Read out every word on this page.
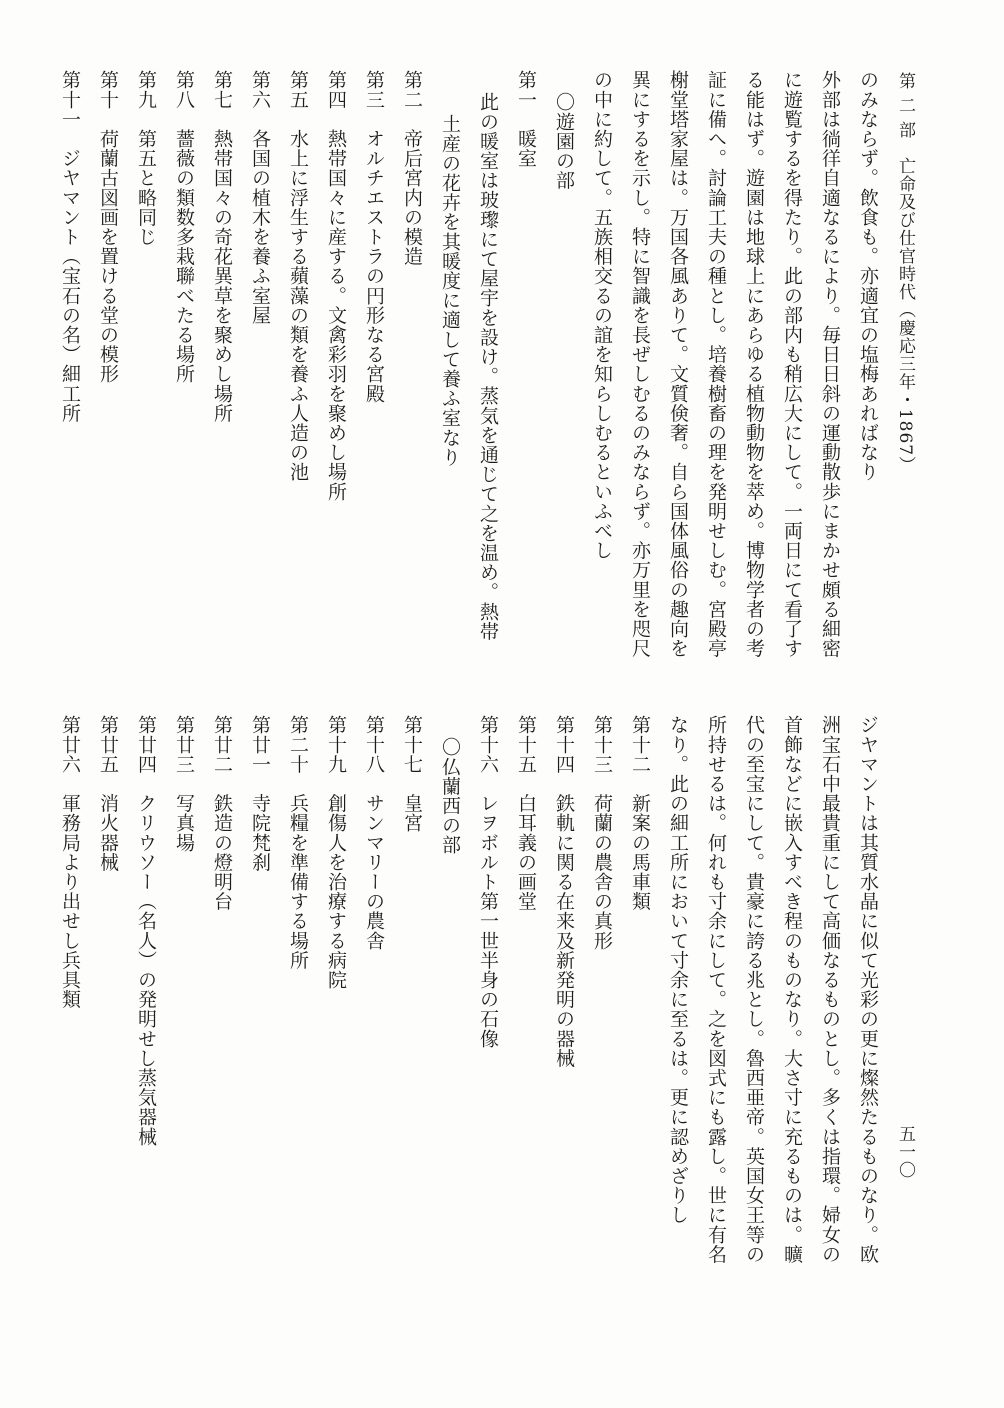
第 二 部　亡命及び仕官時代（慶応三年・1867）
五一〇
のみならず。飲食も。亦適宜の塩梅あればなり
外部は徜徉自適なるにより。毎日日斜の運動散歩にまかせ頗る細密
に遊覧するを得たり。此の部内も稍広大にして。一両日にて看了す
る能はず。遊園は地球上にあらゆる植物動物を萃め。博物学者の考
証に備へ。討論工夫の種とし。培養樹畜の理を発明せしむ。宮殿亭
榭堂塔家屋は。万国各風ありて。文質倹奢。自ら国体風俗の趣向を
異にするを示し。特に智識を長ぜしむるのみならず。亦万里を咫尺
の中に約して。五族相交るの誼を知らしむるといふべし
〇遊園の部
第一　暖室
此の暖室は玻瓈にて屋宇を設け。蒸気を通じて之を温め。熱帯
土産の花卉を其暖度に適して養ふ室なり
第二　帝后宮内の模造
第三　オルチエストラの円形なる宮殿
第四　熱帯国々に産する。文禽彩羽を聚めし場所
第五　水上に浮生する蘋藻の類を養ふ人造の池
第六　各国の植木を養ふ室屋
第七　熱帯国々の奇花異草を聚めし場所
第八　薔薇の類数多栽聯べたる場所
第九　第五と略同じ
第十　荷蘭古図画を置ける堂の模形
第十一　ジヤマント（宝石の名）細工所
ジヤマントは其質水晶に似て光彩の更に燦然たるものなり。欧
洲宝石中最貴重にして高価なるものとし。多くは指環。婦女の
首飾などに嵌入すべき程のものなり。大さ寸に充るものは。曠
代の至宝にして。貴豪に誇る兆とし。魯西亜帝。英国女王等の
所持せるは。何れも寸余にして。之を図式にも露し。世に有名
なり。此の細工所において寸余に至るは。更に認めざりし
第十二　新案の馬車類
第十三　荷蘭の農舎の真形
第十四　鉄軌に関る在来及新発明の器械
第十五　白耳義の画堂
第十六　レヲボルト第一世半身の石像
〇仏蘭西の部
第十七　皇宮
第十八　サンマリーの農舎
第十九　創傷人を治療する病院
第二十　兵糧を準備する場所
第廿一　寺院梵刹
第廿二　鉄造の燈明台
第廿三　写真場
第廿四　クリウソー（名人）の発明せし蒸気器械
第廿五　消火器械
第廿六　軍務局より出せし兵具類
